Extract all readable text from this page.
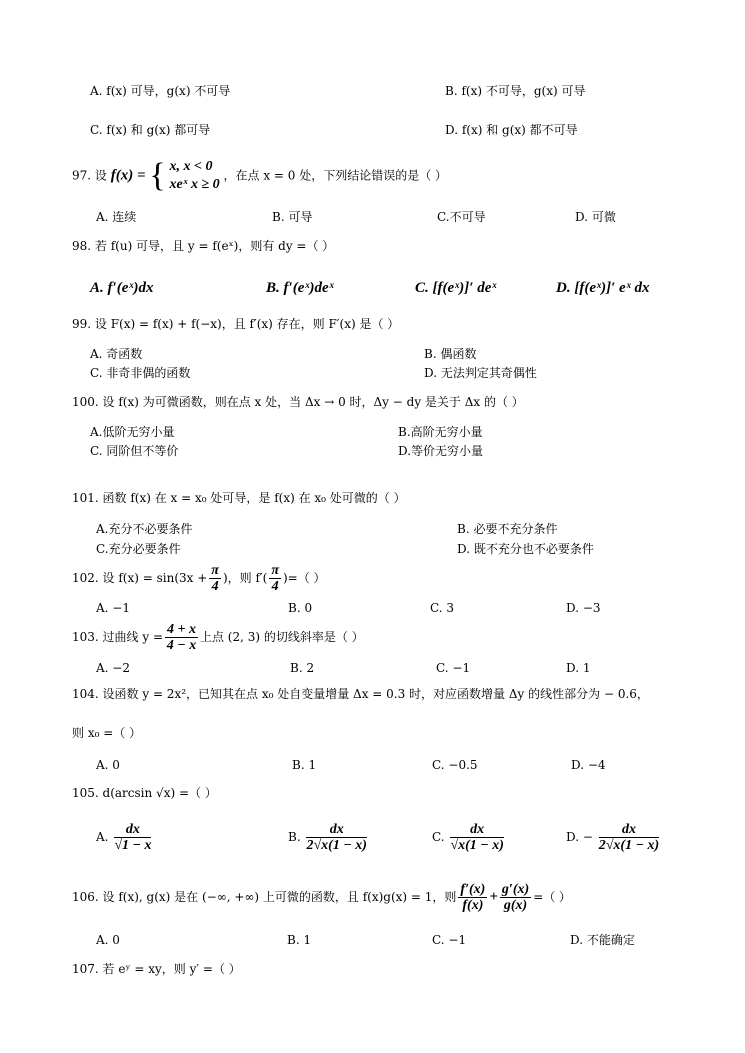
A. f(x) 可导，g(x) 不可导	B. f(x) 不可导，g(x) 可导
C. f(x) 和 g(x) 都可导	D. f(x) 和 g(x) 都不可导
97. 设 f(x) = { x, x < 0
xeˣ x ≥ 0
，在点 x = 0 处，下列结论错误的是（ ）
A. 连续	B. 可导	C.不可导	D. 可微
98. 若 f(u) 可导，且 y = f(eˣ)，则有 dy =（ ）
A. f′(eˣ)dx	B. f′(eˣ)deˣ	C. [f(eˣ)]′ deˣ	D. [f(eˣ)]′ eˣ dx
99. 设 F(x) = f(x) + f(−x)，且 f′(x) 存在，则 F′(x) 是（ ）
A. 奇函数	B. 偶函数
C. 非奇非偶的函数	D. 无法判定其奇偶性
100. 设 f(x) 为可微函数，则在点 x 处，当 Δx → 0 时，Δy − dy 是关于 Δx 的（ ）
A.低阶无穷小量	B.高阶无穷小量
C. 同阶但不等价	D.等价无穷小量
101. 函数 f(x) 在 x = x₀ 处可导，是 f(x) 在 x₀ 处可微的（ ）
A.充分不必要条件	B. 必要不充分条件
C.充分必要条件	D. 既不充分也不必要条件
102. 设 $f(x) = \sin(3x + \frac{\pi}{4}$ )，则 $f'( \frac{\pi}{4}$ )=（ ）
A. −1	B. 0	C. 3	D. −3
103. 过曲线 $y = \frac{4 + x}{4 - x}$ 上点 (2, 3) 的切线斜率是（ ）
A. −2	B. 2	C. −1	D. 1
104. 设函数 y = 2x²，已知其在点 x₀ 处自变量增量 Δx = 0.3 时，对应函数增量 Δy 的线性部分为 − 0.6，
则 x₀ =（ ）
A. 0	B. 1	C. −0.5	D. −4
105. d(arcsin √x) =（ ）
A. $\frac{dx}{√1 - x}$	B. $\frac{dx}{2√x(1 - x)}$	C. $\frac{dx}{√x(1 - x)}$	D. − $\frac{dx}{2√x(1 - x)}$
106. 设 f(x), g(x) 是在 (−∞, +∞) 上可微的函数，且 f(x)g(x) = 1，则 $\frac{f'(x)}{f(x)} + \frac{g'(x)}{g(x)}$ =（ ）
A. 0	B. 1	C. −1	D. 不能确定
107. 若 eʸ = xy，则 y′ =（ ）
